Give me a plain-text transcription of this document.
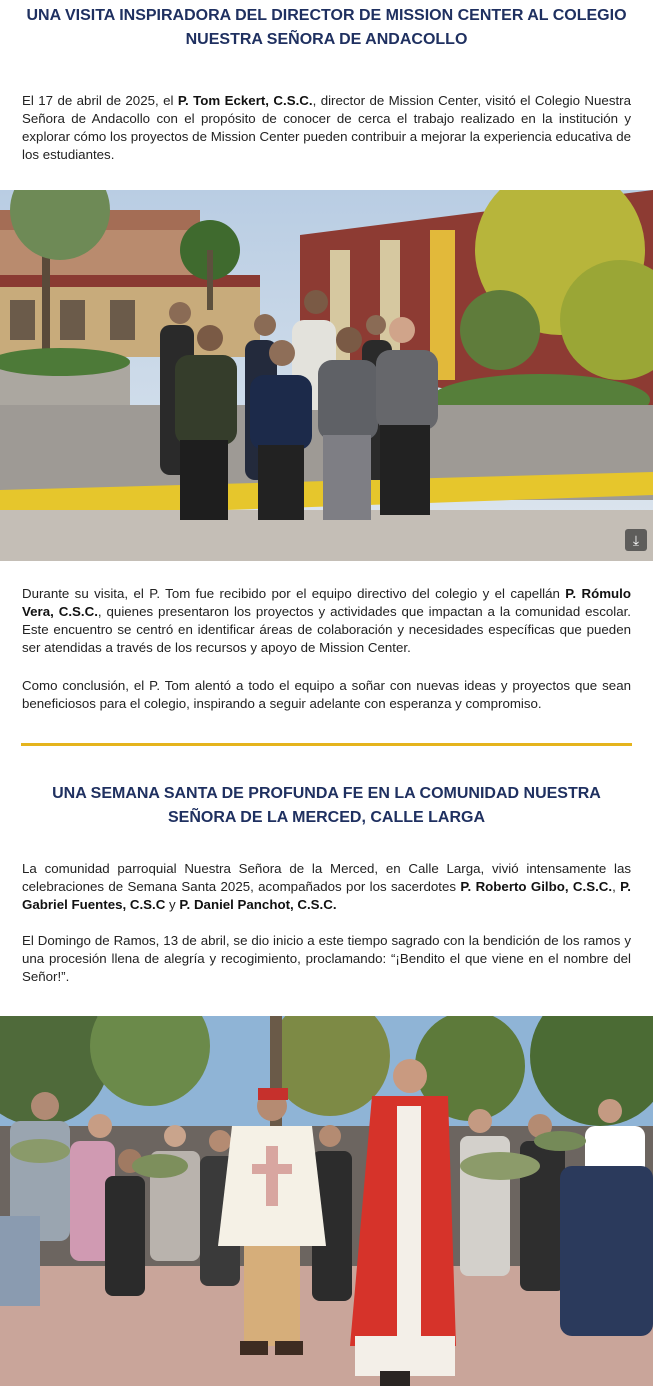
UNA VISITA INSPIRADORA DEL DIRECTOR DE MISSION CENTER AL COLEGIO NUESTRA SEÑORA DE ANDACOLLO

El 17 de abril de 2025, el P. Tom Eckert, C.S.C., director de Mission Center, visitó el Colegio Nuestra Señora de Andacollo con el propósito de conocer de cerca el trabajo realizado en la institución y explorar cómo los proyectos de Mission Center pueden contribuir a mejorar la experiencia educativa de los estudiantes.

⤓

Durante su visita, el P. Tom fue recibido por el equipo directivo del colegio y el capellán P. Rómulo Vera, C.S.C., quienes presentaron los proyectos y actividades que impactan a la comunidad escolar. Este encuentro se centró en identificar áreas de colaboración y necesidades específicas que pueden ser atendidas a través de los recursos y apoyo de Mission Center.

Como conclusión, el P. Tom alentó a todo el equipo a soñar con nuevas ideas y proyectos que sean beneficiosos para el colegio, inspirando a seguir adelante con esperanza y compromiso.

UNA SEMANA SANTA DE PROFUNDA FE EN LA COMUNIDAD NUESTRA SEÑORA DE LA MERCED, CALLE LARGA

La comunidad parroquial Nuestra Señora de la Merced, en Calle Larga, vivió intensamente las celebraciones de Semana Santa 2025, acompañados por los sacerdotes P. Roberto Gilbo, C.S.C., P. Gabriel Fuentes, C.S.C y P. Daniel Panchot, C.S.C.

El Domingo de Ramos, 13 de abril, se dio inicio a este tiempo sagrado con la bendición de los ramos y una procesión llena de alegría y recogimiento, proclamando: “¡Bendito el que viene en el nombre del Señor!”.
